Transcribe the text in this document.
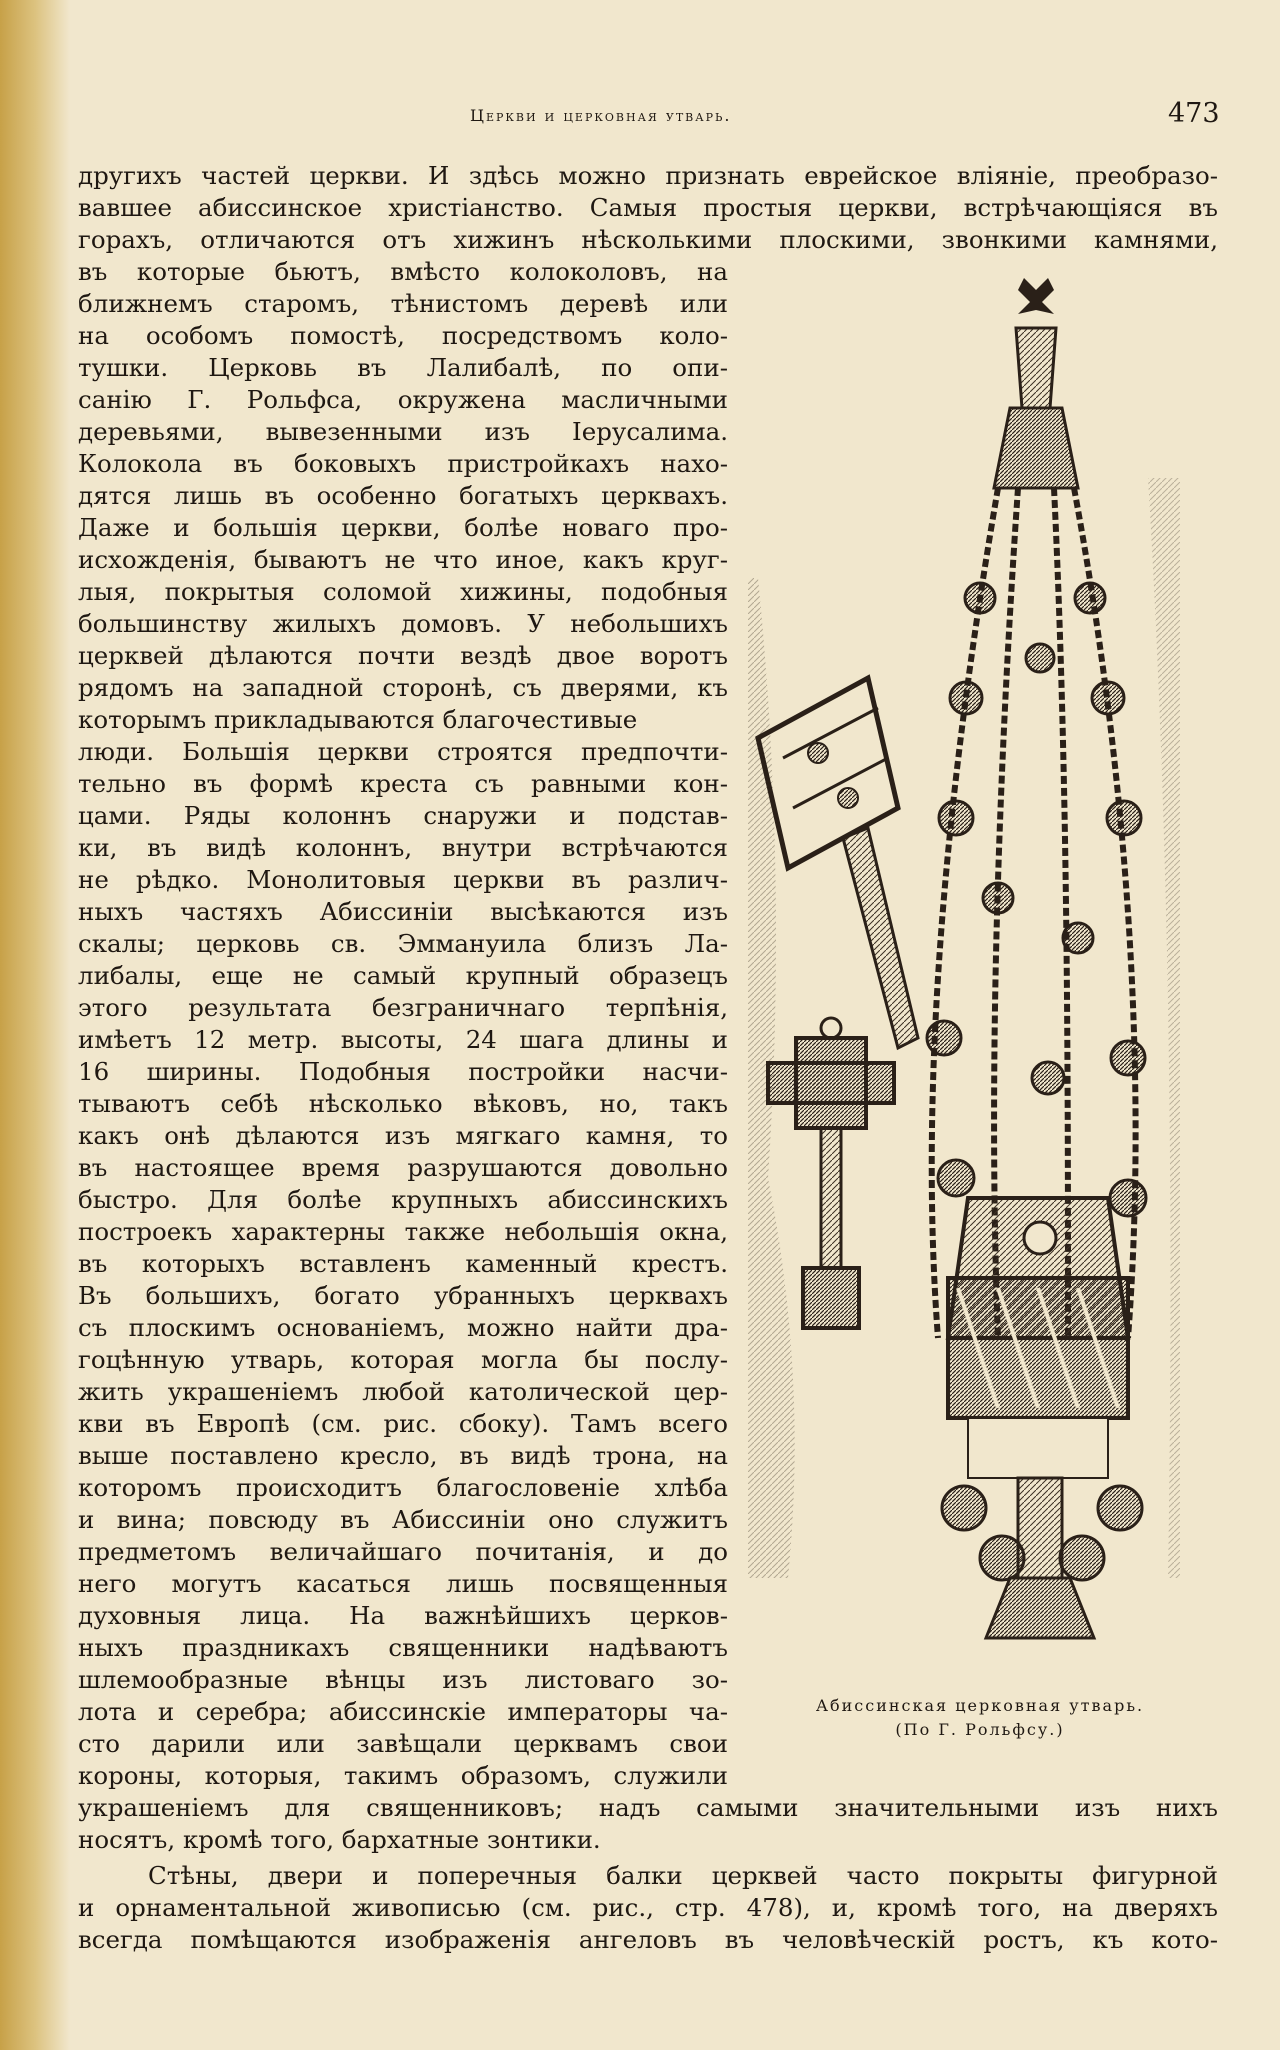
Церкви и церковная утварь.	473
другихъ частей церкви. И здѣсь можно признать еврейское вліяніе, преобразо-
вавшее абиссинское христіанство. Самыя простыя церкви, встрѣчающіяся въ
горахъ, отличаются отъ хижинъ нѣсколькими плоскими, звонкими камнями,
въ которые бьютъ, вмѣсто колоколовъ, на
ближнемъ старомъ, тѣнистомъ деревѣ или
на особомъ помостѣ, посредствомъ коло-
тушки. Церковь въ Лалибалѣ, по опи-
санію Г. Рольфса, окружена масличными
деревьями, вывезенными изъ Іерусалима.
Колокола въ боковыхъ пристройкахъ нахо-
дятся лишь въ особенно богатыхъ церквахъ.
Даже и большія церкви, болѣе новаго про-
исхожденія, бываютъ не что иное, какъ круг-
лыя, покрытыя соломой хижины, подобныя
большинству жилыхъ домовъ. У небольшихъ
церквей дѣлаются почти вездѣ двое воротъ
рядомъ на западной сторонѣ, съ дверями, къ
которымъ прикладываются благочестивые
люди. Большія церкви строятся предпочти-
тельно въ формѣ креста съ равными кон-
цами. Ряды колоннъ снаружи и подстав-
ки, въ видѣ колоннъ, внутри встрѣчаются
не рѣдко. Монолитовыя церкви въ различ-
ныхъ частяхъ Абиссиніи высѣкаются изъ
скалы; церковь св. Эммануила близъ Ла-
либалы, еще не самый крупный образецъ
этого результата безграничнаго терпѣнія,
имѣетъ 12 метр. высоты, 24 шага длины и
16 ширины. Подобныя постройки насчи-
тываютъ себѣ нѣсколько вѣковъ, но, такъ
какъ онѣ дѣлаются изъ мягкаго камня, то
въ настоящее время разрушаются довольно
быстро. Для болѣе крупныхъ абиссинскихъ
построекъ характерны также небольшія окна,
въ которыхъ вставленъ каменный крестъ.
Въ большихъ, богато убранныхъ церквахъ
съ плоскимъ основаніемъ, можно найти дра-
гоцѣнную утварь, которая могла бы послу-
жить украшеніемъ любой католической цер-
кви въ Европѣ (см. рис. сбоку). Тамъ всего
выше поставлено кресло, въ видѣ трона, на
которомъ происходитъ благословеніе хлѣба
и вина; повсюду въ Абиссиніи оно служитъ
предметомъ величайшаго почитанія, и до
него могутъ касаться лишь посвященныя
духовныя лица. На важнѣйшихъ церков-
ныхъ праздникахъ священники надѣваютъ
шлемообразные вѣнцы изъ листоваго зо-
лота и серебра; абиссинскіе императоры ча-
сто дарили или завѣщали церквамъ свои
короны, которыя, такимъ образомъ, служили
украшеніемъ для священниковъ; надъ самыми значительными изъ нихъ
носятъ, кромѣ того, бархатные зонтики.
Стѣны, двери и поперечныя балки церквей часто покрыты фигурной
и орнаментальной живописью (см. рис., стр. 478), и, кромѣ того, на дверяхъ
всегда помѣщаются изображенія ангеловъ въ человѣческій ростъ, къ кото-
Абиссинская церковная утварь.
(По Г. Рольфсу.)
